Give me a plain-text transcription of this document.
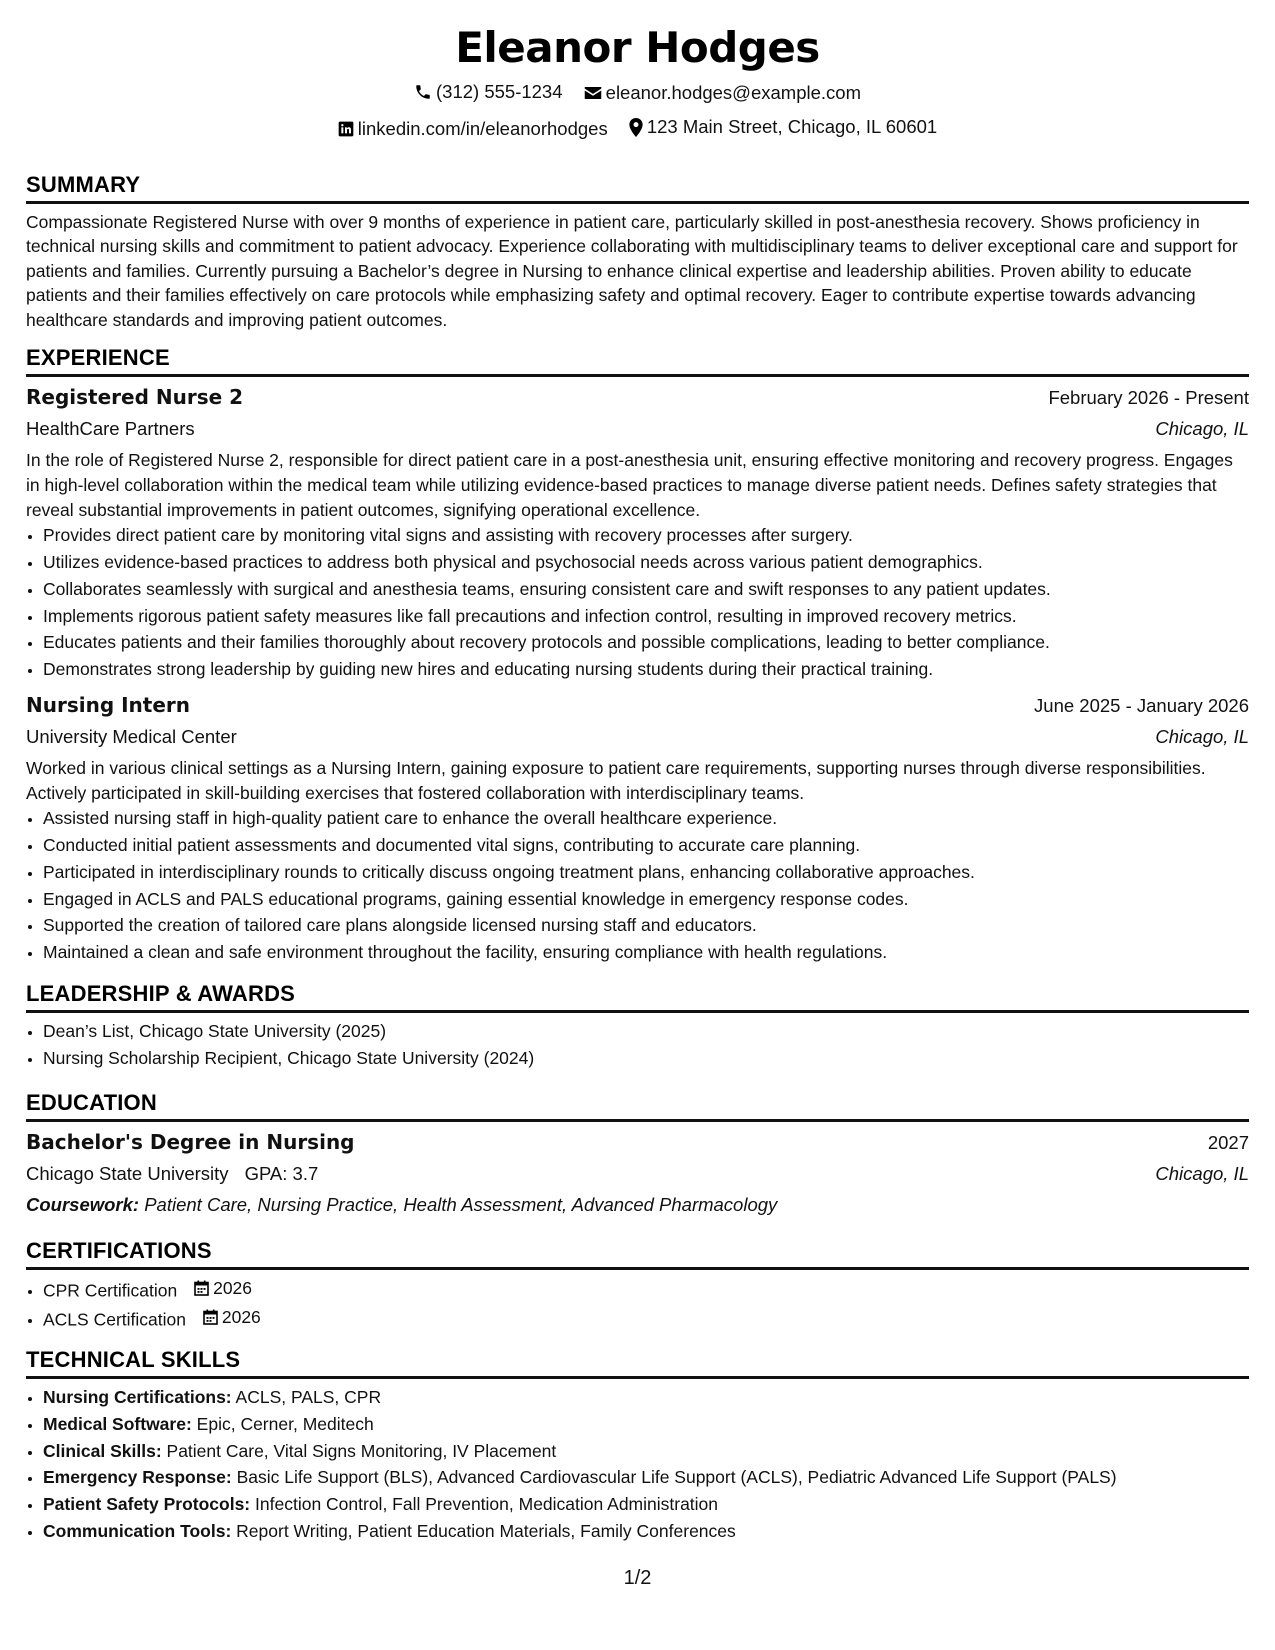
Eleanor Hodges
(312) 555-1234
eleanor.hodges@example.com
linkedin.com/in/eleanorhodges
123 Main Street, Chicago, IL 60601
SUMMARY

Compassionate Registered Nurse with over 9 months of experience in patient care, particularly skilled in post-anesthesia recovery. Shows proficiency in technical nursing skills and commitment to patient advocacy. Experience collaborating with multidisciplinary teams to deliver exceptional care and support for patients and families. Currently pursuing a Bachelor’s degree in Nursing to enhance clinical expertise and leadership abilities. Proven ability to educate patients and their families effectively on care protocols while emphasizing safety and optimal recovery. Eager to contribute expertise towards advancing healthcare standards and improving patient outcomes.

EXPERIENCE
Registered Nurse 2	February 2026 - Present
HealthCare Partners	Chicago, IL

In the role of Registered Nurse 2, responsible for direct patient care in a post-anesthesia unit, ensuring effective monitoring and recovery progress. Engages in high-level collaboration within the medical team while utilizing evidence-based practices to manage diverse patient needs. Defines safety strategies that reveal substantial improvements in patient outcomes, signifying operational excellence.

• Provides direct patient care by monitoring vital signs and assisting with recovery processes after surgery.
• Utilizes evidence-based practices to address both physical and psychosocial needs across various patient demographics.
• Collaborates seamlessly with surgical and anesthesia teams, ensuring consistent care and swift responses to any patient updates.
• Implements rigorous patient safety measures like fall precautions and infection control, resulting in improved recovery metrics.
• Educates patients and their families thoroughly about recovery protocols and possible complications, leading to better compliance.
• Demonstrates strong leadership by guiding new hires and educating nursing students during their practical training.
Nursing Intern	June 2025 - January 2026
University Medical Center	Chicago, IL

Worked in various clinical settings as a Nursing Intern, gaining exposure to patient care requirements, supporting nurses through diverse responsibilities. Actively participated in skill-building exercises that fostered collaboration with interdisciplinary teams.

• Assisted nursing staff in high-quality patient care to enhance the overall healthcare experience.
• Conducted initial patient assessments and documented vital signs, contributing to accurate care planning.
• Participated in interdisciplinary rounds to critically discuss ongoing treatment plans, enhancing collaborative approaches.
• Engaged in ACLS and PALS educational programs, gaining essential knowledge in emergency response codes.
• Supported the creation of tailored care plans alongside licensed nursing staff and educators.
• Maintained a clean and safe environment throughout the facility, ensuring compliance with health regulations.
LEADERSHIP & AWARDS
• Dean’s List, Chicago State University (2025)
• Nursing Scholarship Recipient, Chicago State University (2024)
EDUCATION
Bachelor's Degree in Nursing	2027
Chicago State University GPA: 3.7	Chicago, IL
Coursework: Patient Care, Nursing Practice, Health Assessment, Advanced Pharmacology
CERTIFICATIONS
• CPR Certification 2026
• ACLS Certification 2026
TECHNICAL SKILLS
• Nursing Certifications: ACLS, PALS, CPR
• Medical Software: Epic, Cerner, Meditech
• Clinical Skills: Patient Care, Vital Signs Monitoring, IV Placement
• Emergency Response: Basic Life Support (BLS), Advanced Cardiovascular Life Support (ACLS), Pediatric Advanced Life Support (PALS)
• Patient Safety Protocols: Infection Control, Fall Prevention, Medication Administration
• Communication Tools: Report Writing, Patient Education Materials, Family Conferences
1/2
